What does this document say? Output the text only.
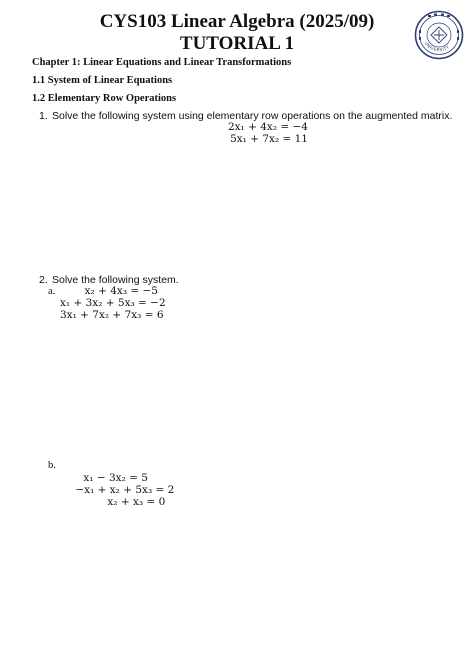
CYS103 Linear Algebra (2025/09)
TUTORIAL 1	UNIVERSITY
Chapter 1: Linear Equations and Linear Transformations
1.1 System of Linear Equations
1.2 Elementary Row Operations
1. Solve the following system using elementary row operations on the augmented matrix.
2x₁ + 4x₂ = −4
5x₁ + 7x₂ = 11
2. Solve the following system.
a.	x₂ + 4x₃ = −5
x₁ + 3x₂ + 5x₃ = −2
3x₁ + 7x₂ + 7x₃ = 6
b.

x₁ − 3x₂ = 5

−x₁ + x₂ + 5x₃ = 2

x₂ + x₃ = 0
